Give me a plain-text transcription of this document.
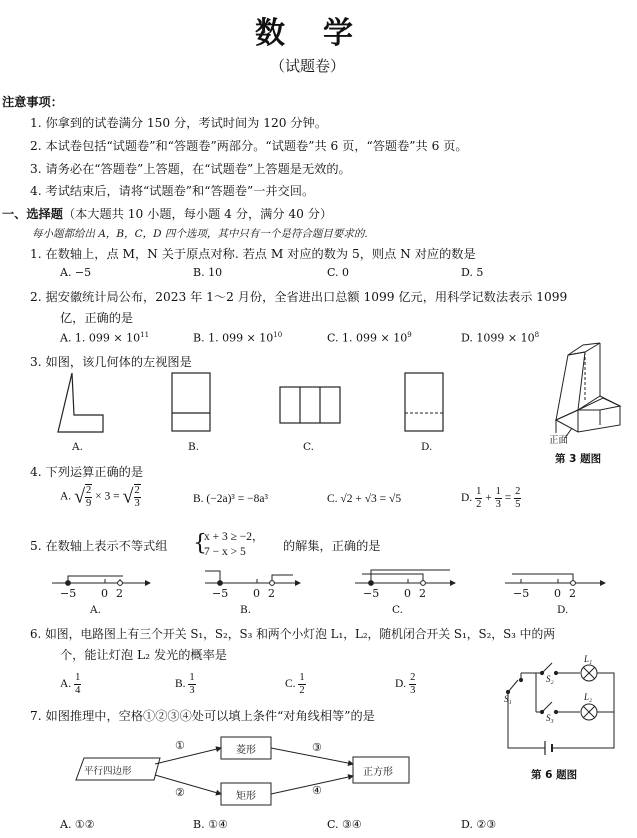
数　学
（试题卷）
注意事项：
1. 你拿到的试卷满分 150 分，考试时间为 120 分钟。
2. 本试卷包括“试题卷”和“答题卷”两部分。“试题卷”共 6 页，“答题卷”共 6 页。
3. 请务必在“答题卷”上答题，在“试题卷”上答题是无效的。
4. 考试结束后，请将“试题卷”和“答题卷”一并交回。
一、选择题（本大题共 10 小题，每小题 4 分，满分 40 分）
每小题都给出 A，B，C，D 四个选项，其中只有一个是符合题目要求的.
1. 在数轴上，点 M，N 关于原点对称. 若点 M 对应的数为 5，则点 N 对应的数是
A. −5	B. 10	C. 0	D. 5
2. 据安徽统计局公布，2023 年 1～2 月份，全省进出口总额 1099 亿元，用科学记数法表示 1099
亿，正确的是
A. 1. $099 \times 10^{11}$	B. 1. $099 \times 10^{10}$	C. 1. $099 \times 10^9$	D. $1099 \times 10^8$
3. 如图，该几何体的左视图是
A.	B.	C.	D.
正面
第 3 题图
4. 下列运算正确的是
A. √ $\frac{2}{9} \times 3$ = √ $\frac{2}{3}$	B. (−2a)³ = −8a³	C. √2 + √3 = √5	D. $\frac{1}{2} + \frac{1}{3} = \frac{2}{5}$
5. 在数轴上表示不等式组 {
x + 3 ≥ −2，
7 − x > 5	的解集，正确的是
−5 0 2	−5 0 2	−5 0 2	−5 0 2
A.	B.	C.	D.
6. 如图，电路图上有三个开关 S₁，S₂，S₃ 和两个小灯泡 L₁，L₂，随机闭合开关 S₁，S₂，S₃ 中的两
个，能让灯泡 L₂ 发光的概率是
A. $\frac{1}{4}$	B. $\frac{1}{3}$	C. $\frac{1}{2}$	D. $\frac{2}{3}$
S₁
S₂
S₃
L₁
L₂
第 6 题图
7. 如图推理中，空格①②③④处可以填上条件“对角线相等”的是
平行四边形
菱形
矩形
正方形
①
②
③
④
A. ①②	B. ①④	C. ③④	D. ②③
